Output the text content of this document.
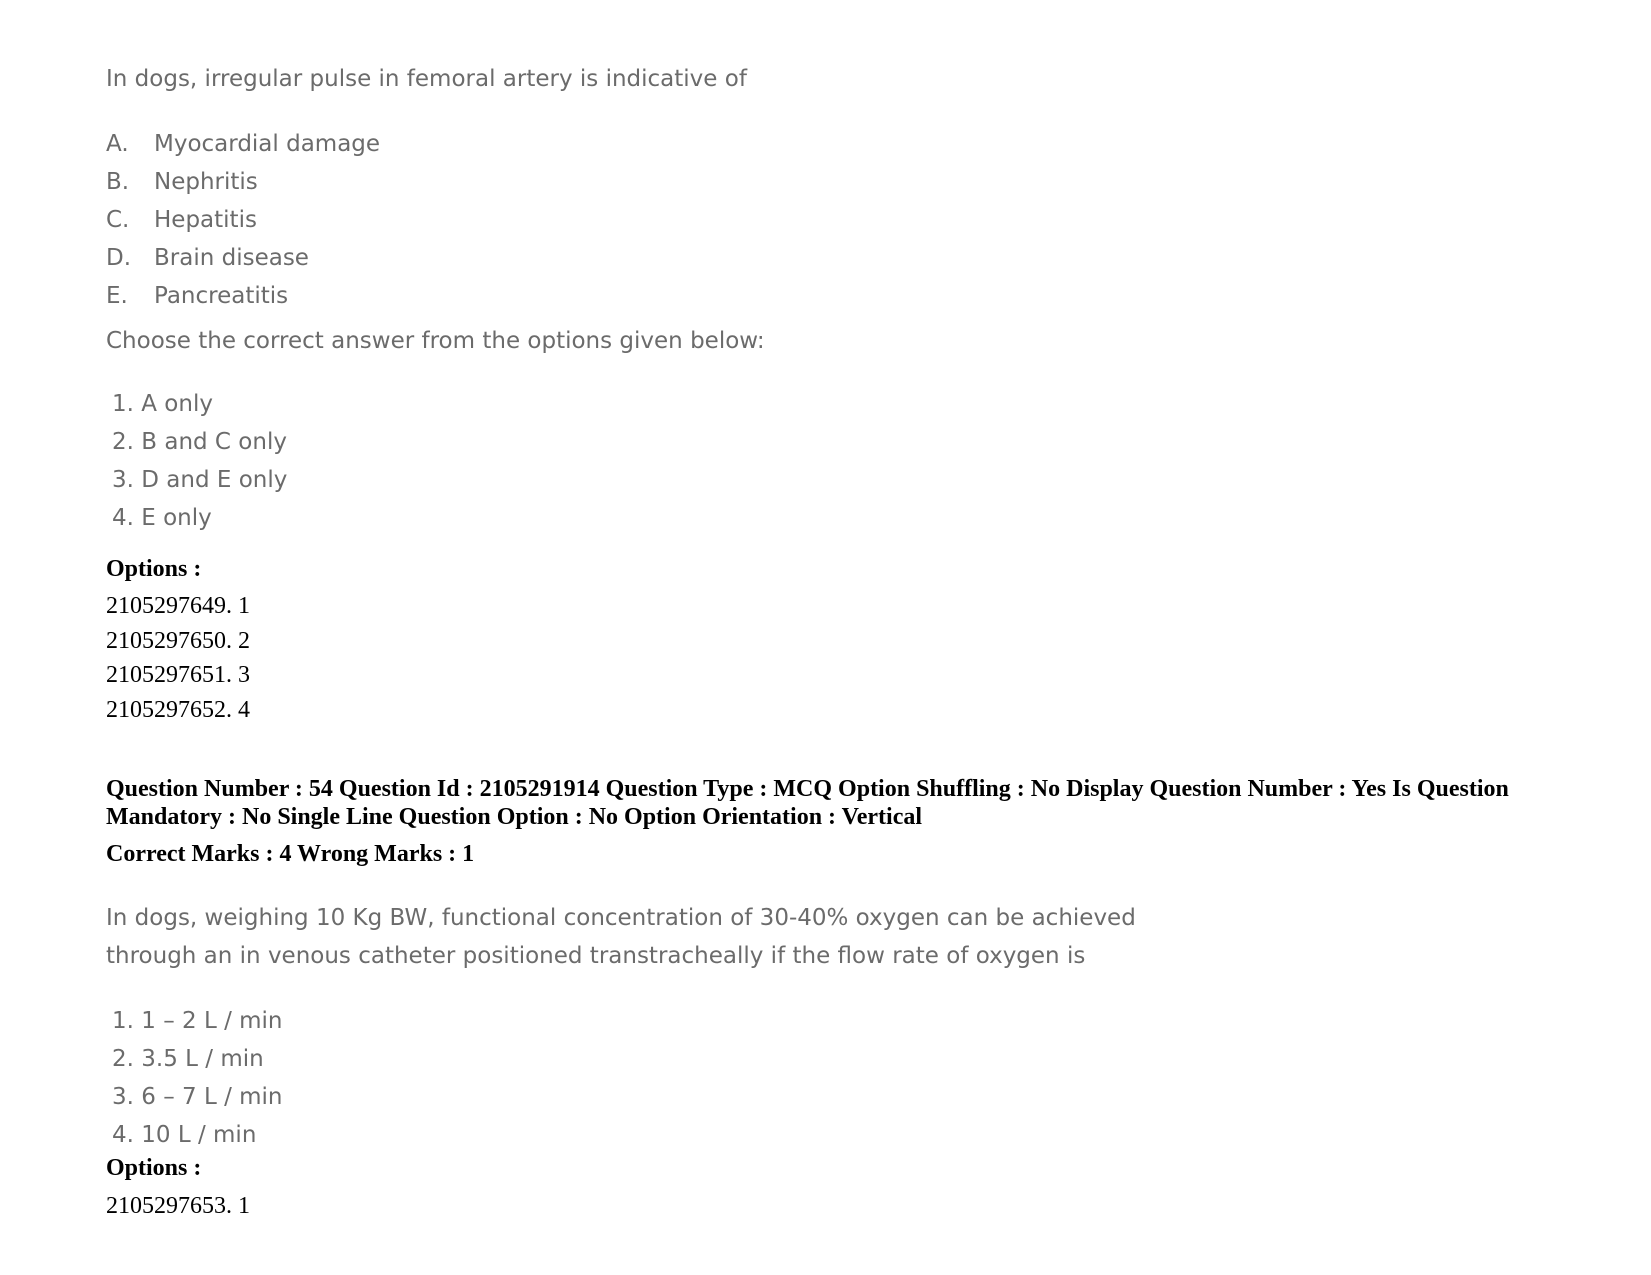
In dogs, irregular pulse in femoral artery is indicative of

A. Myocardial damage
B. Nephritis
C. Hepatitis
D. Brain disease
E. Pancreatitis

Choose the correct answer from the options given below:

1. A only
2. B and C only
3. D and E only
4. E only

Options :

2105297649. 1
2105297650. 2
2105297651. 3
2105297652. 4

Question Number : 54 Question Id : 2105291914 Question Type : MCQ Option Shuffling : No Display Question Number : Yes Is Question Mandatory : No Single Line Question Option : No Option Orientation : Vertical

Correct Marks : 4 Wrong Marks : 1

In dogs, weighing 10 Kg BW, functional concentration of 30-40% oxygen can be achieved

through an in venous catheter positioned transtracheally if the flow rate of oxygen is

1. 1 – 2 L / min
2. 3.5 L / min
3. 6 – 7 L / min
4. 10 L / min

Options :

2105297653. 1
